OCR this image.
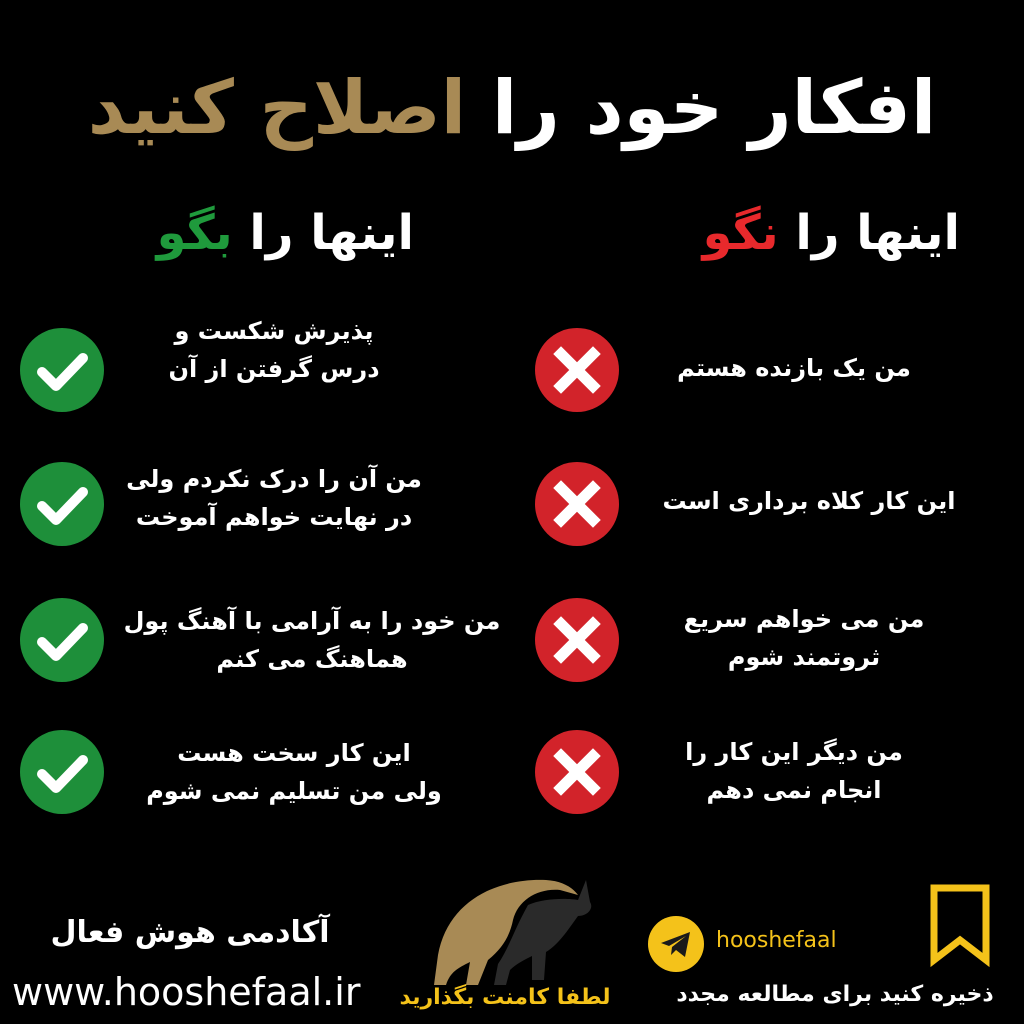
افکار خود را اصلاح کنید
اینها را نگو
اینها را بگو
من یک بازنده هستم
پذیرش شکست و
درس گرفتن از آن
این کار کلاه برداری است
من آن را درک نکردم ولی
در نهایت خواهم آموخت
من می خواهم سریع
ثروتمند شوم
من خود را به آرامی با آهنگ پول
هماهنگ می کنم
من دیگر این کار را
انجام نمی دهم
این کار سخت هست
ولی من تسلیم نمی شوم
hooshefaal
آکادمی هوش فعال
www.hooshefaal.ir	لطفا کامنت بگذارید	ذخیره کنید برای مطالعه مجدد
